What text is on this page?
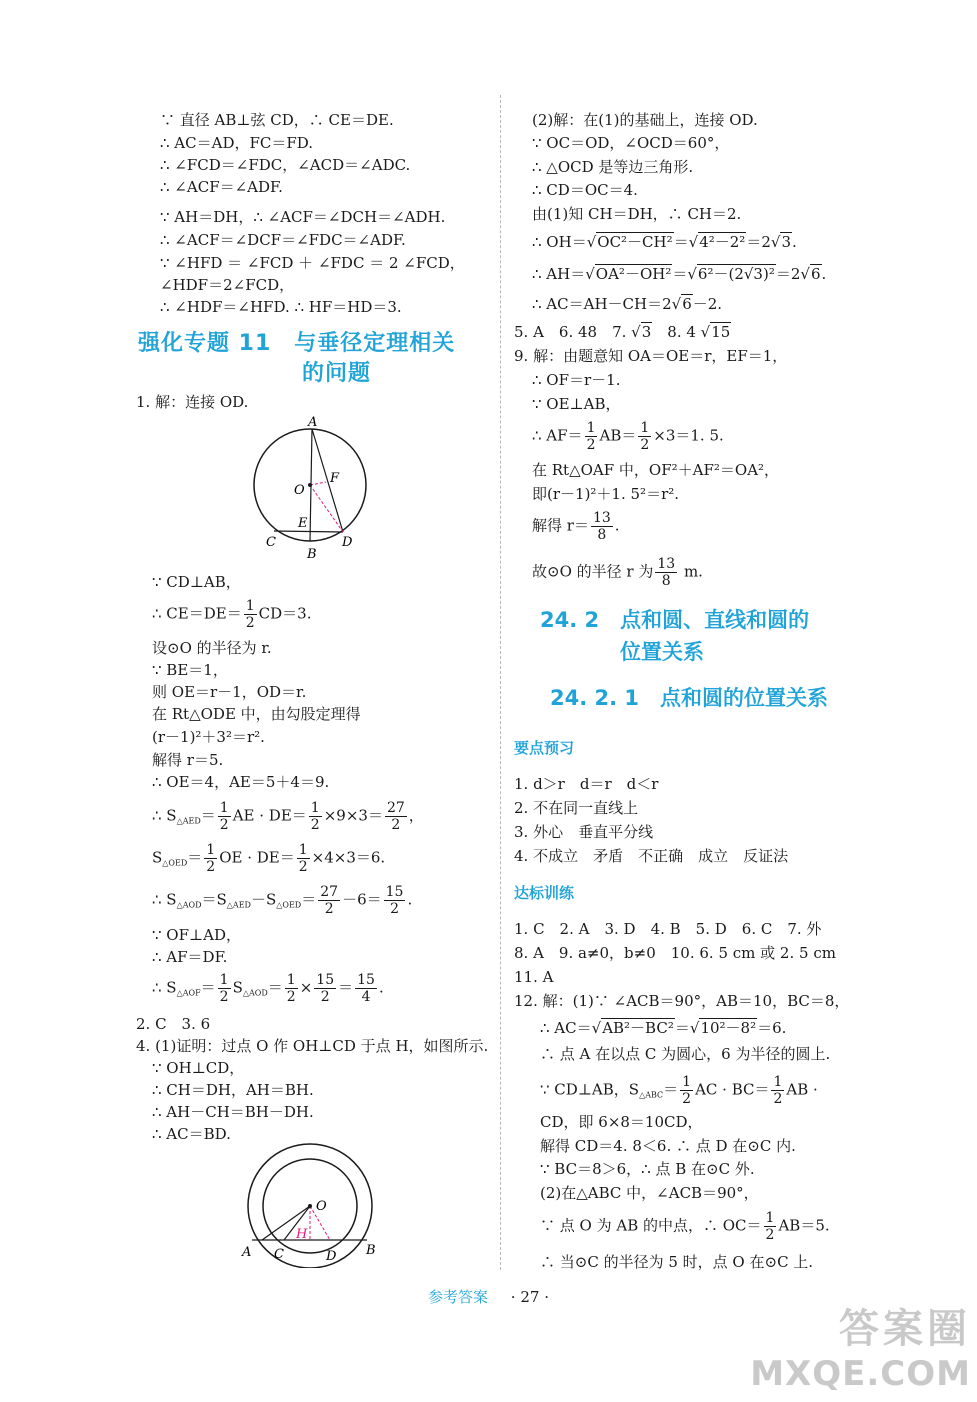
∵ 直径 AB⊥弦 CD，∴ CE＝DE.
∴ AC＝AD，FC＝FD.
∴ ∠FCD＝∠FDC，∠ACD＝∠ADC.
∴ ∠ACF＝∠ADF.
∵ AH＝DH，∴ ∠ACF＝∠DCH＝∠ADH.
∴ ∠ACF＝∠DCF＝∠FDC＝∠ADF.
∵ ∠HFD ＝ ∠FCD ＋ ∠FDC ＝ 2 ∠FCD，
∠HDF＝2∠FCD，
∴ ∠HDF＝∠HFD. ∴ HF＝HD＝3.
强化专题 11　与垂径定理相关
的问题
1. 解：连接 OD.
A
O
F
E
C
B
D
∵ CD⊥AB，
∴ $CE=DE= \frac{1}{2} CD=3$.
设⊙O 的半径为 r.
∵ BE＝1，
则 OE＝r－1，OD＝r.
在 Rt△ODE 中，由勾股定理得
(r－1)²＋3²＝r².
解得 r＝5.
∴ OE＝4，AE＝5＋4＝9.
∴ $S_{\triangle AED}= \frac{1}{2}$ AE · $DE= \frac{1}{2} \times 9\times 3= \frac{27}{2}$ ，
$S_{\triangle OED}= \frac{1}{2}$ OE · $DE= \frac{1}{2} \times 4\times 3=6$.
∴ $S_{\triangle AOD}=S_{\triangle AED}-S_{\triangle OED}= \frac{27}{2} -6= \frac{15}{2}$ .
∵ OF⊥AD，
∴ AF＝DF.
∴ $S_{\triangle AOF}= \frac{1}{2} S_{\triangle AOD}= \frac{1}{2} \times \frac{15}{2} = \frac{15}{4}$ .
2. C　3. 6
4. (1)证明：过点 O 作 OH⊥CD 于点 H，如图所示.
∵ OH⊥CD，
∴ CH＝DH，AH＝BH.
∴ AH－CH＝BH－DH.
∴ AC＝BD.
O
H
A C	D B
(2)解：在(1)的基础上，连接 OD.
∵ OC＝OD，∠OCD＝60°，
∴ △OCD 是等边三角形.
∴ CD＝OC＝4.
由(1)知 CH＝DH，∴ CH＝2.
∴ OH＝√OC²－CH²＝√4²－2²＝2√3.
∴ AH＝√OA²－OH²＝√6²－(2√3)²＝2√6.
∴ AC＝AH－CH＝2√6－2.
5. A　6. 48　7. √3　8. 4 √15
9. 解：由题意知 OA＝OE＝r，EF＝1，
∴ OF＝r－1.
∵ OE⊥AB，
∴ $AF= \frac{1}{2} AB= \frac{1}{2} \times 3=1$. 5.
在 Rt△OAF 中，OF²＋AF²＝OA²，
即(r－1)²＋1. 5²＝r².
解得 $r= \frac{13}{8}$ .
故⊙O 的半径 r 为 $\frac{13}{8} m$.
24. 2　点和圆、直线和圆的
位置关系
24. 2. 1　点和圆的位置关系
要点预习
1. d＞r　d＝r　d＜r
2. 不在同一直线上
3. 外心　垂直平分线
4. 不成立　矛盾　不正确　成立　反证法
达标训练
1. C　2. A　3. D　4. B　5. D　6. C　7. 外
8. A　9. a≠0，b≠0　10. 6. 5 cm 或 2. 5 cm
11. A
12. 解：(1)∵ ∠ACB＝90°，AB＝10，BC＝8，
∴ AC＝√AB²－BC²＝√10²－8²＝6.
∴ 点 A 在以点 C 为圆心，6 为半径的圆上.
∵ CD⊥AB，$S_{\triangle ABC}= \frac{1}{2}$ AC · $BC= \frac{1}{2}$ AB ·
CD，即 6×8＝10CD，
解得 CD＝4. 8＜6. ∴ 点 D 在⊙C 内.
∵ BC＝8＞6，∴ 点 B 在⊙C 外.
(2)在△ABC 中，∠ACB＝90°，
∵ 点 O 为 AB 的中点，∴ $OC= \frac{1}{2} AB=5$.
∴ 当⊙C 的半径为 5 时，点 O 在⊙C 上.
参考答案 · 27 ·
答案圈
MXQE.COM
